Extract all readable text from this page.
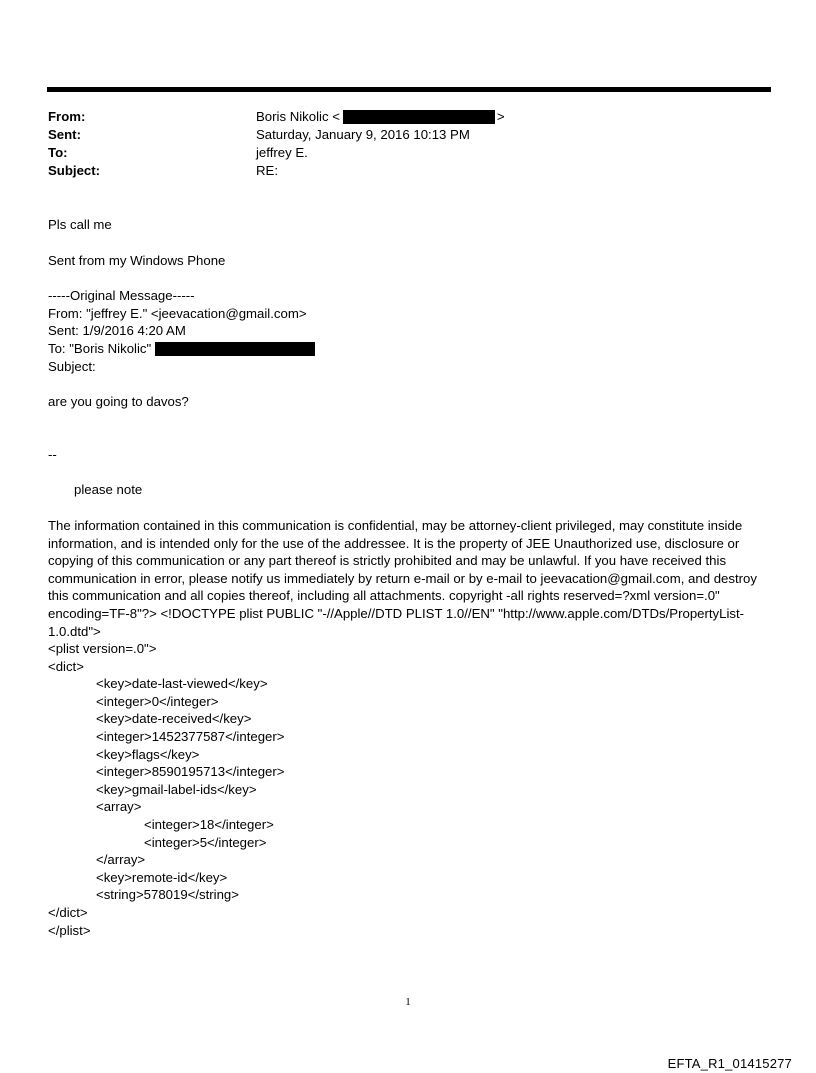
From:	Boris Nikolic <	>
Sent:	Saturday, January 9, 2016 10:13 PM
To:	jeffrey E.
Subject:	RE:
Pls call me
Sent from my Windows Phone
-----Original Message-----
From: "jeffrey E." <jeevacation@gmail.com>
Sent: 1/9/2016 4:20 AM
To: "Boris Nikolic"
Subject:
are you going to davos?
--
please note
The information contained in this communication is confidential, may be attorney-client privileged, may constitute inside information, and is intended only for the use of the addressee. It is the property of JEE Unauthorized use, disclosure or copying of this communication or any part thereof is strictly prohibited and may be unlawful. If you have received this communication in error, please notify us immediately by return e-mail or by e-mail to jeevacation@gmail.com, and destroy this communication and all copies thereof, including all attachments. copyright -all rights reserved=?xml version=.0" encoding=TF-8"?> <!DOCTYPE plist PUBLIC "-//Apple//DTD PLIST 1.0//EN" "http://www.apple.com/DTDs/PropertyList-1.0.dtd">
<plist version=.0">
<dict>
<key>date-last-viewed</key>
<integer>0</integer>
<key>date-received</key>
<integer>1452377587</integer>
<key>flags</key>
<integer>8590195713</integer>
<key>gmail-label-ids</key>
<array>
<integer>18</integer>
<integer>5</integer>
</array>
<key>remote-id</key>
<string>578019</string>
</dict>
</plist>
1
EFTA_R1_01415277
